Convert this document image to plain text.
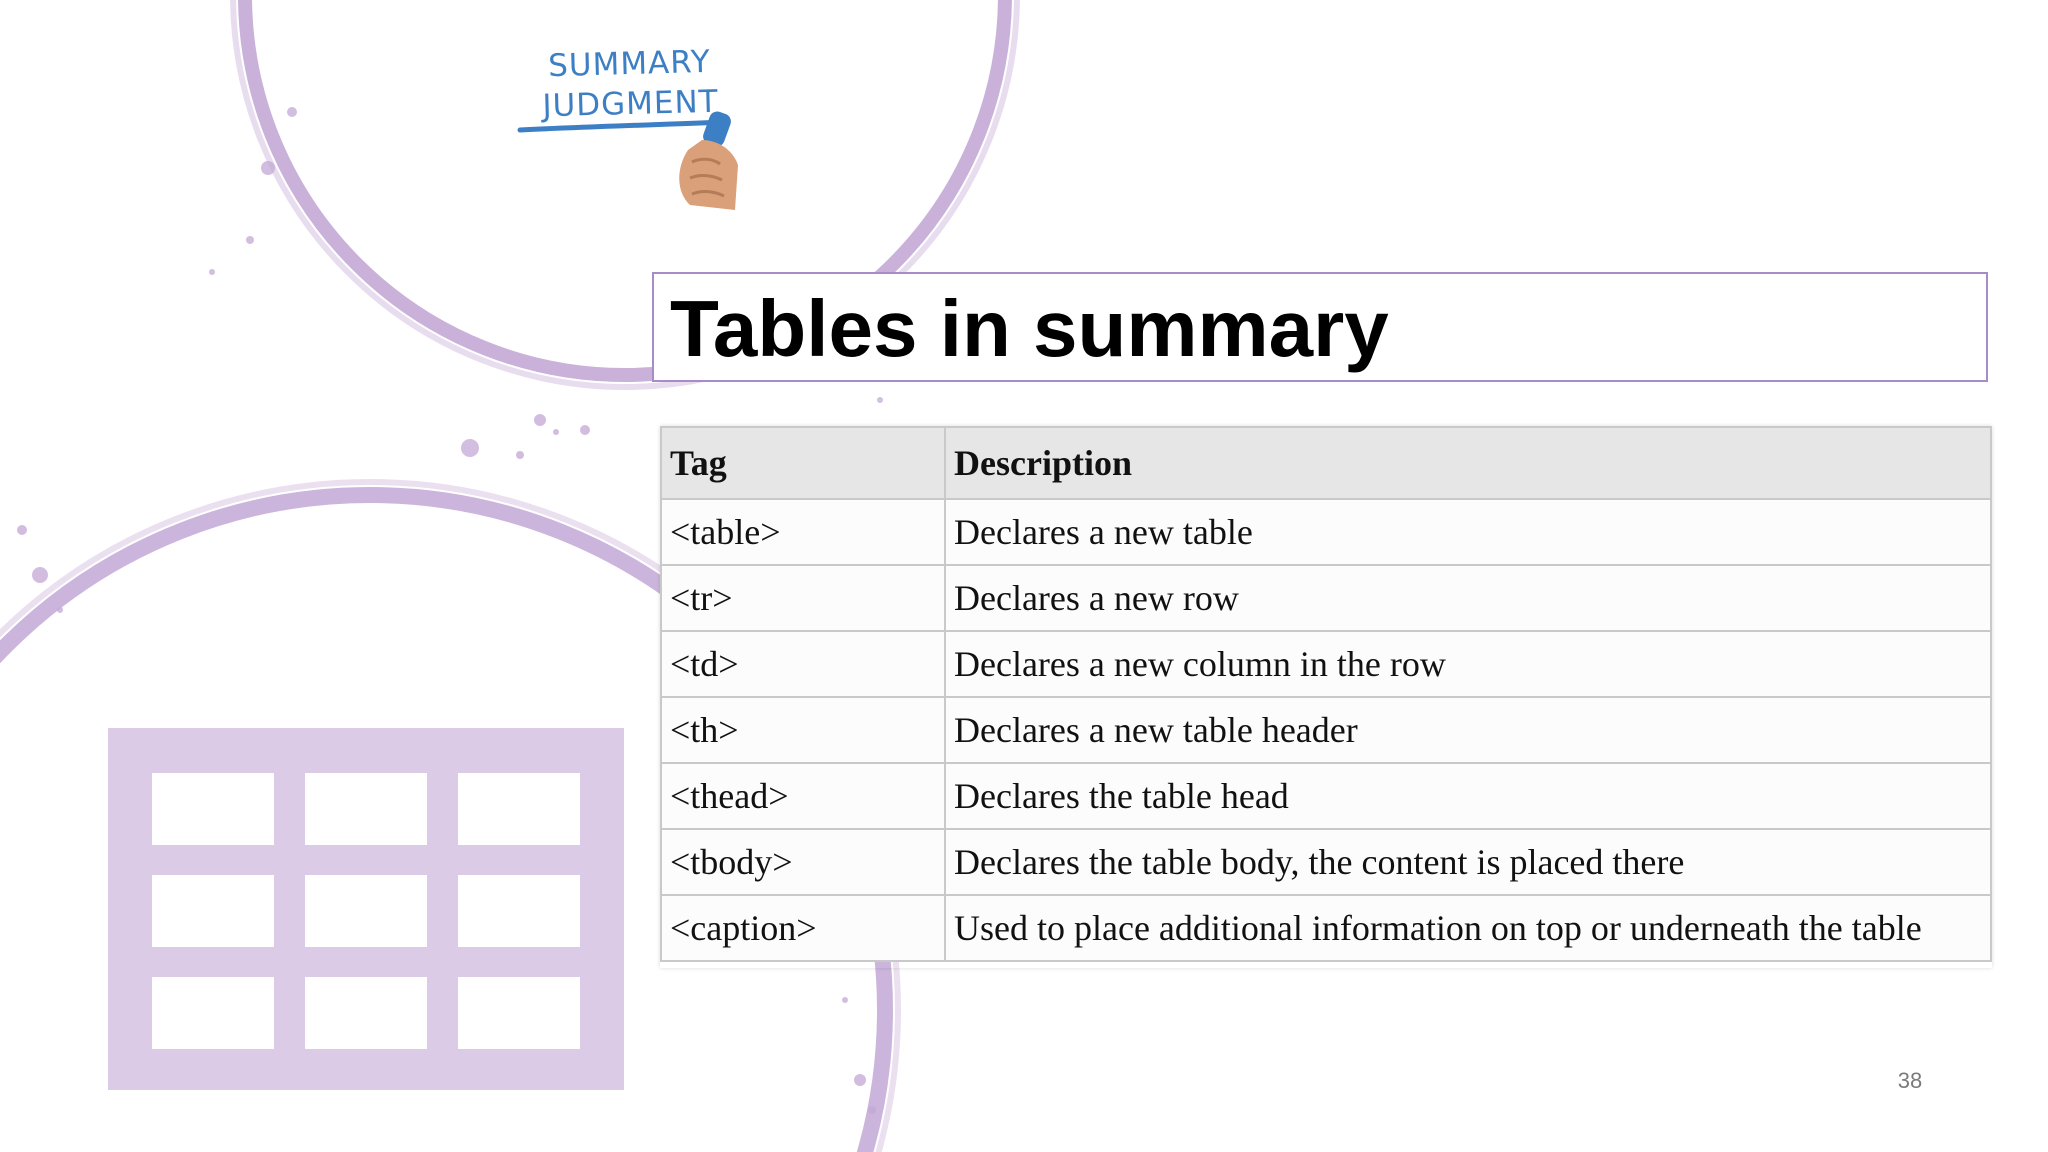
SUMMARY
JUDGMENT
Tables in summary
Tag	Description
<table>	Declares a new table
<tr>	Declares a new row
<td>	Declares a new column in the row
<th>	Declares a new table header
<thead>	Declares the table head
<tbody>	Declares the table body, the content is placed there
<caption>	Used to place additional information on top or underneath the table
38
